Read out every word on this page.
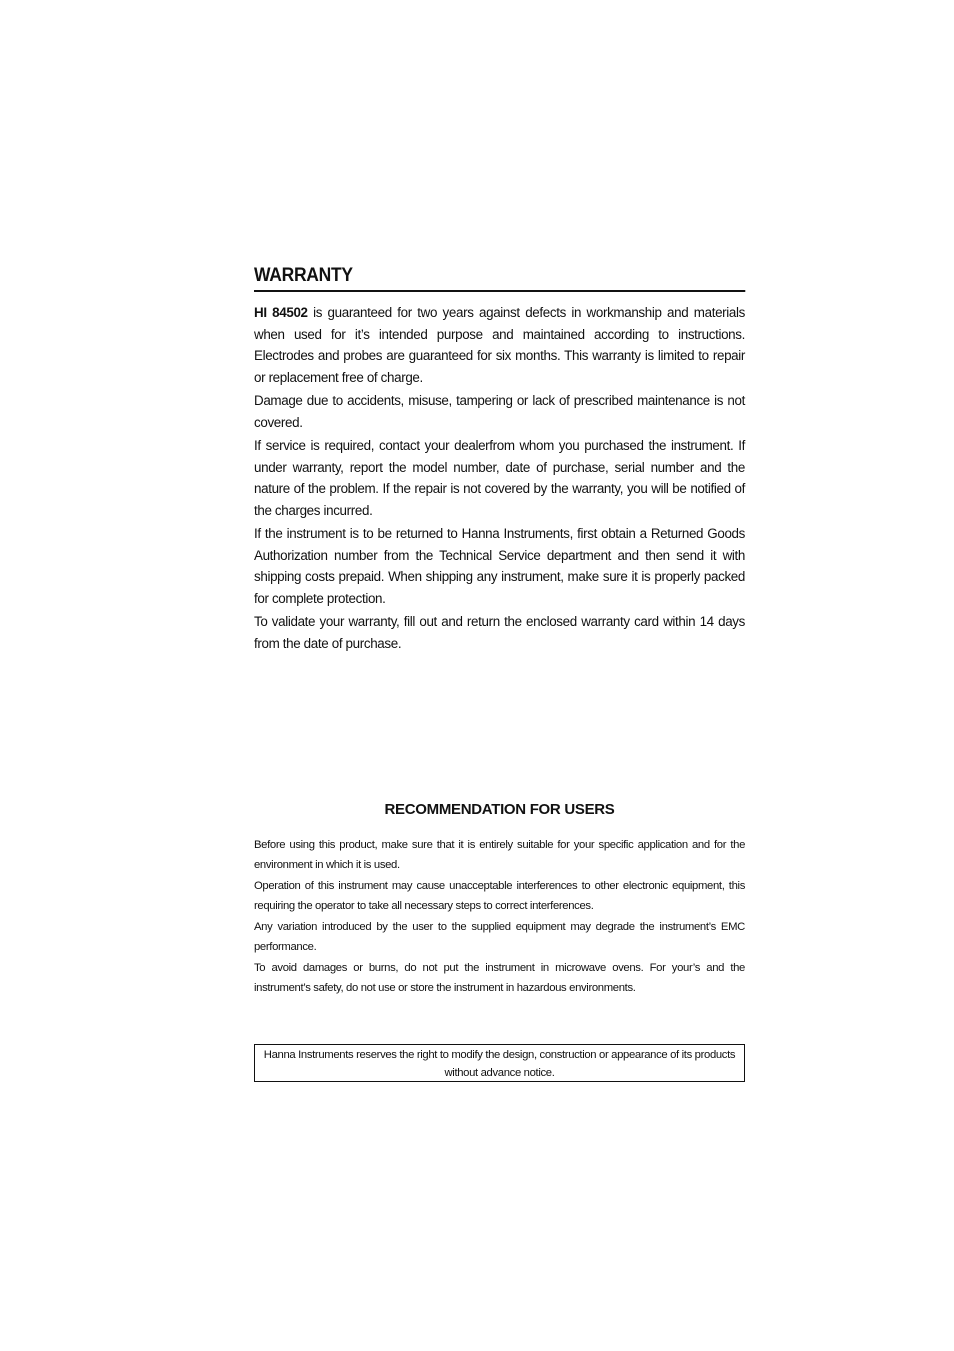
WARRANTY

HI 84502 is guaranteed for two years against defects in workmanship and materials when used for it’s intended purpose and maintained according to instructions. Electrodes and probes are guaranteed for six months. This warranty is limited to repair or replacement free of charge.

Damage due to accidents, misuse, tampering or lack of prescribed maintenance is not covered.

If service is required, contact your dealerfrom whom you purchased the instrument. If under warranty, report the model number, date of purchase, serial number and the nature of the problem. If the repair is not covered by the warranty, you will be notified of the charges incurred.

If the instrument is to be returned to Hanna Instruments, first obtain a Returned Goods Authorization number from the Technical Service department and then send it with shipping costs prepaid. When shipping any instrument, make sure it is properly packed for complete protection.

To validate your warranty, fill out and return the enclosed warranty card within 14 days from the date of purchase.

RECOMMENDATION FOR USERS

Before using this product, make sure that it is entirely suitable for your specific application and for the environment in which it is used.

Operation of this instrument may cause unacceptable interferences to other electronic equipment, this requiring the operator to take all necessary steps to correct interferences.

Any variation introduced by the user to the supplied equipment may degrade the instrument’s EMC performance.

To avoid damages or burns, do not put the instrument in microwave ovens. For your’s and the instrument’s safety, do not use or store the instrument in hazardous environments.

Hanna Instruments reserves the right to modify the design, construction or appearance of its products without advance notice.
